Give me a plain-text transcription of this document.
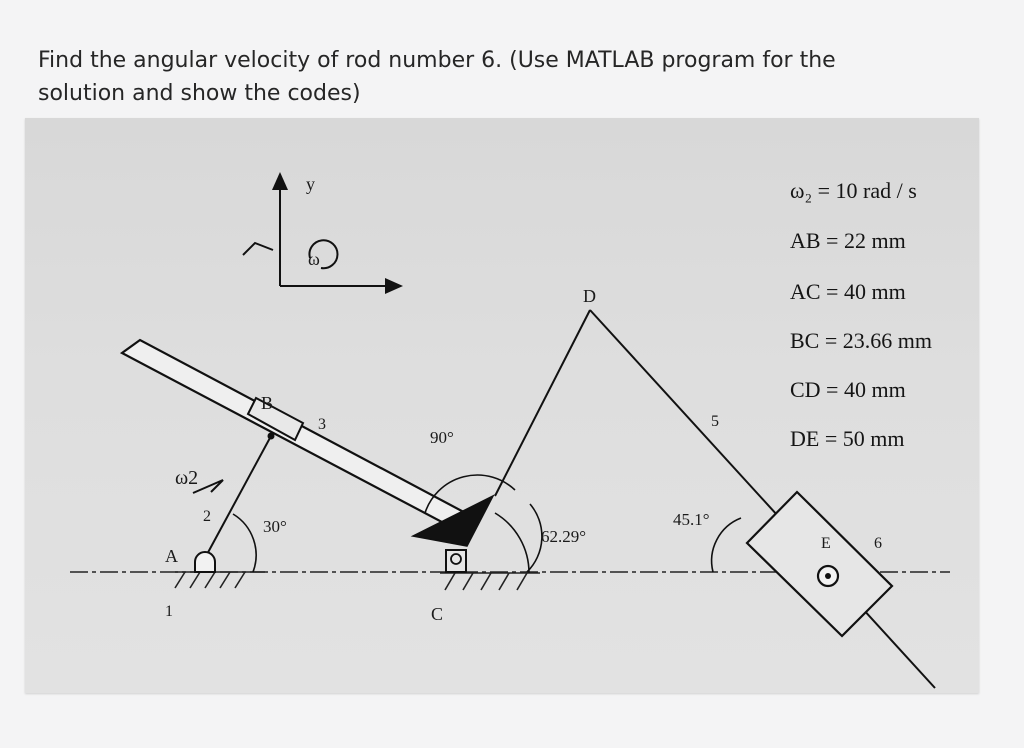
Find the angular velocity of rod number 6. (Use MATLAB program for the
solution and show the codes)
y
ω
ω2
A
B
C
D
E
1
2
3	5
6
30°
90°
62.29°
45.1°
ω₂ = 10 rad / s
AB = 22 mm
AC = 40 mm
BC = 23.66 mm
CD = 40 mm
DE = 50 mm
